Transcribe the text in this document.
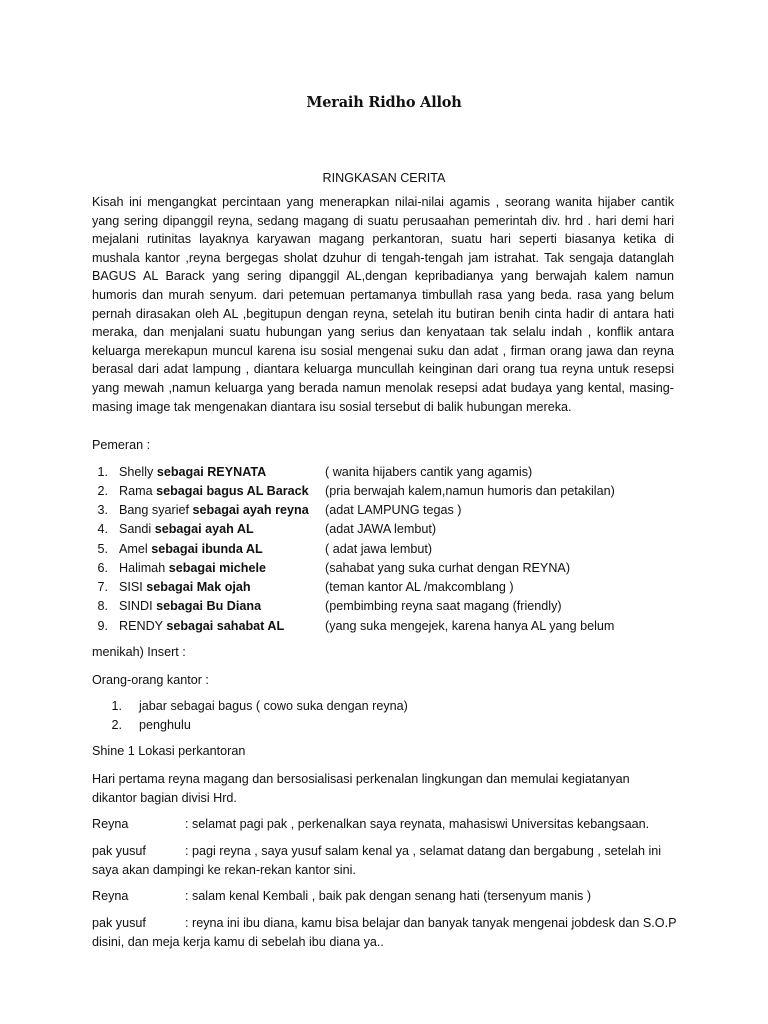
Meraih Ridho Alloh
RINGKASAN CERITA

Kisah ini mengangkat percintaan yang menerapkan nilai-nilai agamis , seorang wanita hijaber cantik yang sering dipanggil reyna, sedang magang di suatu perusaahan pemerintah div. hrd . hari demi hari mejalani rutinitas layaknya karyawan magang perkantoran, suatu hari seperti biasanya ketika di mushala kantor ,reyna bergegas sholat dzuhur di tengah-tengah jam istrahat. Tak sengaja datanglah BAGUS AL Barack yang sering dipanggil AL,dengan kepribadianya yang berwajah kalem namun humoris dan murah senyum. dari petemuan pertamanya timbullah rasa yang beda. rasa yang belum pernah dirasakan oleh AL ,begitupun dengan reyna, setelah itu butiran benih cinta hadir di antara hati meraka, dan menjalani suatu hubungan yang serius dan kenyataan tak selalu indah , konflik antara keluarga merekapun muncul karena isu sosial mengenai suku dan adat , firman orang jawa dan reyna berasal dari adat lampung , diantara keluarga muncullah keinginan dari orang tua reyna untuk resepsi yang mewah ,namun keluarga yang berada namun menolak resepsi adat budaya yang kental, masing- masing image tak mengenakan diantara isu sosial tersebut di balik hubungan mereka.

Pemeran :

1. Shelly sebagai REYNATA	( wanita hijabers cantik yang agamis)
2. Rama sebagai bagus AL Barack (pria berwajah kalem,namun humoris dan petakilan)
3. Bang syarief sebagai ayah reyna (adat LAMPUNG tegas )
4. Sandi sebagai ayah AL	(adat JAWA lembut)
5. Amel sebagai ibunda AL	( adat jawa lembut)
6. Halimah sebagai michele	(sahabat yang suka curhat dengan REYNA)
7. SISI sebagai Mak ojah	(teman kantor AL /makcomblang )
8. SINDI sebagai Bu Diana	(pembimbing reyna saat magang (friendly)
9. RENDY sebagai sahabat AL	(yang suka mengejek, karena hanya AL yang belum

menikah) Insert :

Orang-orang kantor :

1. jabar sebagai bagus ( cowo suka dengan reyna)
2. penghulu

Shine 1 Lokasi perkantoran

Hari pertama reyna magang dan bersosialisasi perkenalan lingkungan dan memulai kegiatanyan dikantor bagian divisi Hrd.

Reyna	: selamat pagi pak , perkenalkan saya reynata, mahasiswi Universitas kebangsaan.
pak yusuf	: pagi reyna , saya yusuf salam kenal ya , selamat datang dan bergabung , setelah ini saya akan dampingi ke rekan-rekan kantor sini.
Reyna	: salam kenal Kembali , baik pak dengan senang hati (tersenyum manis )
pak yusuf	: reyna ini ibu diana, kamu bisa belajar dan banyak tanyak mengenai jobdesk dan S.O.P disini, dan meja kerja kamu di sebelah ibu diana ya..
